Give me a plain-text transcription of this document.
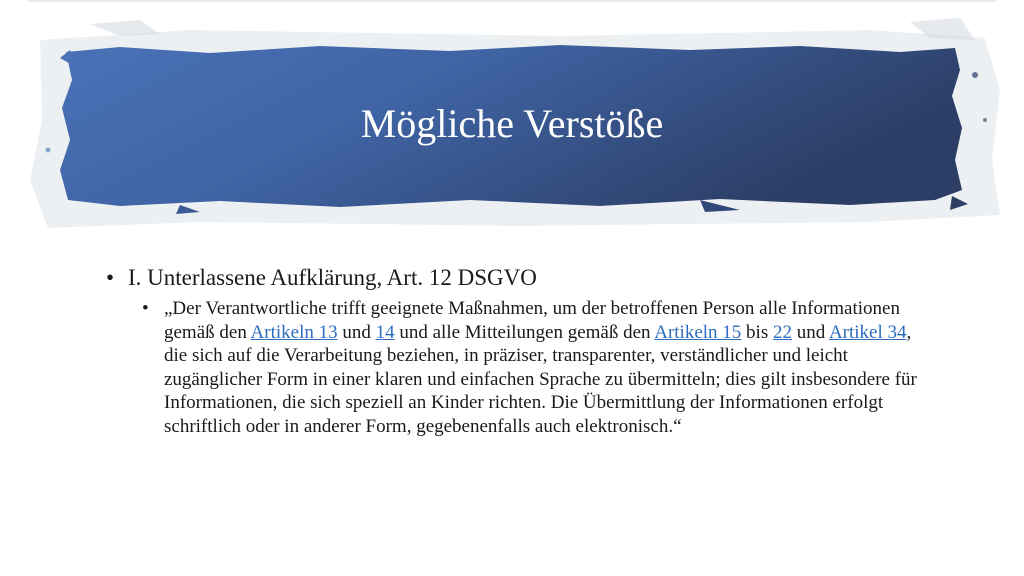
Mögliche Verstöße
• I. Unterlassene Aufklärung, Art. 12 DSGVO
• „Der Verantwortliche trifft geeignete Maßnahmen, um der betroffenen Person alle Informationen gemäß den Artikeln 13 und 14 und alle Mitteilungen gemäß den Artikeln 15 bis 22 und Artikel 34, die sich auf die Verarbeitung beziehen, in präziser, transparenter, verständlicher und leicht zugänglicher Form in einer klaren und einfachen Sprache zu übermitteln; dies gilt insbesondere für Informationen, die sich speziell an Kinder richten. Die Übermittlung der Informationen erfolgt schriftlich oder in anderer Form, gegebenenfalls auch elektronisch.“
